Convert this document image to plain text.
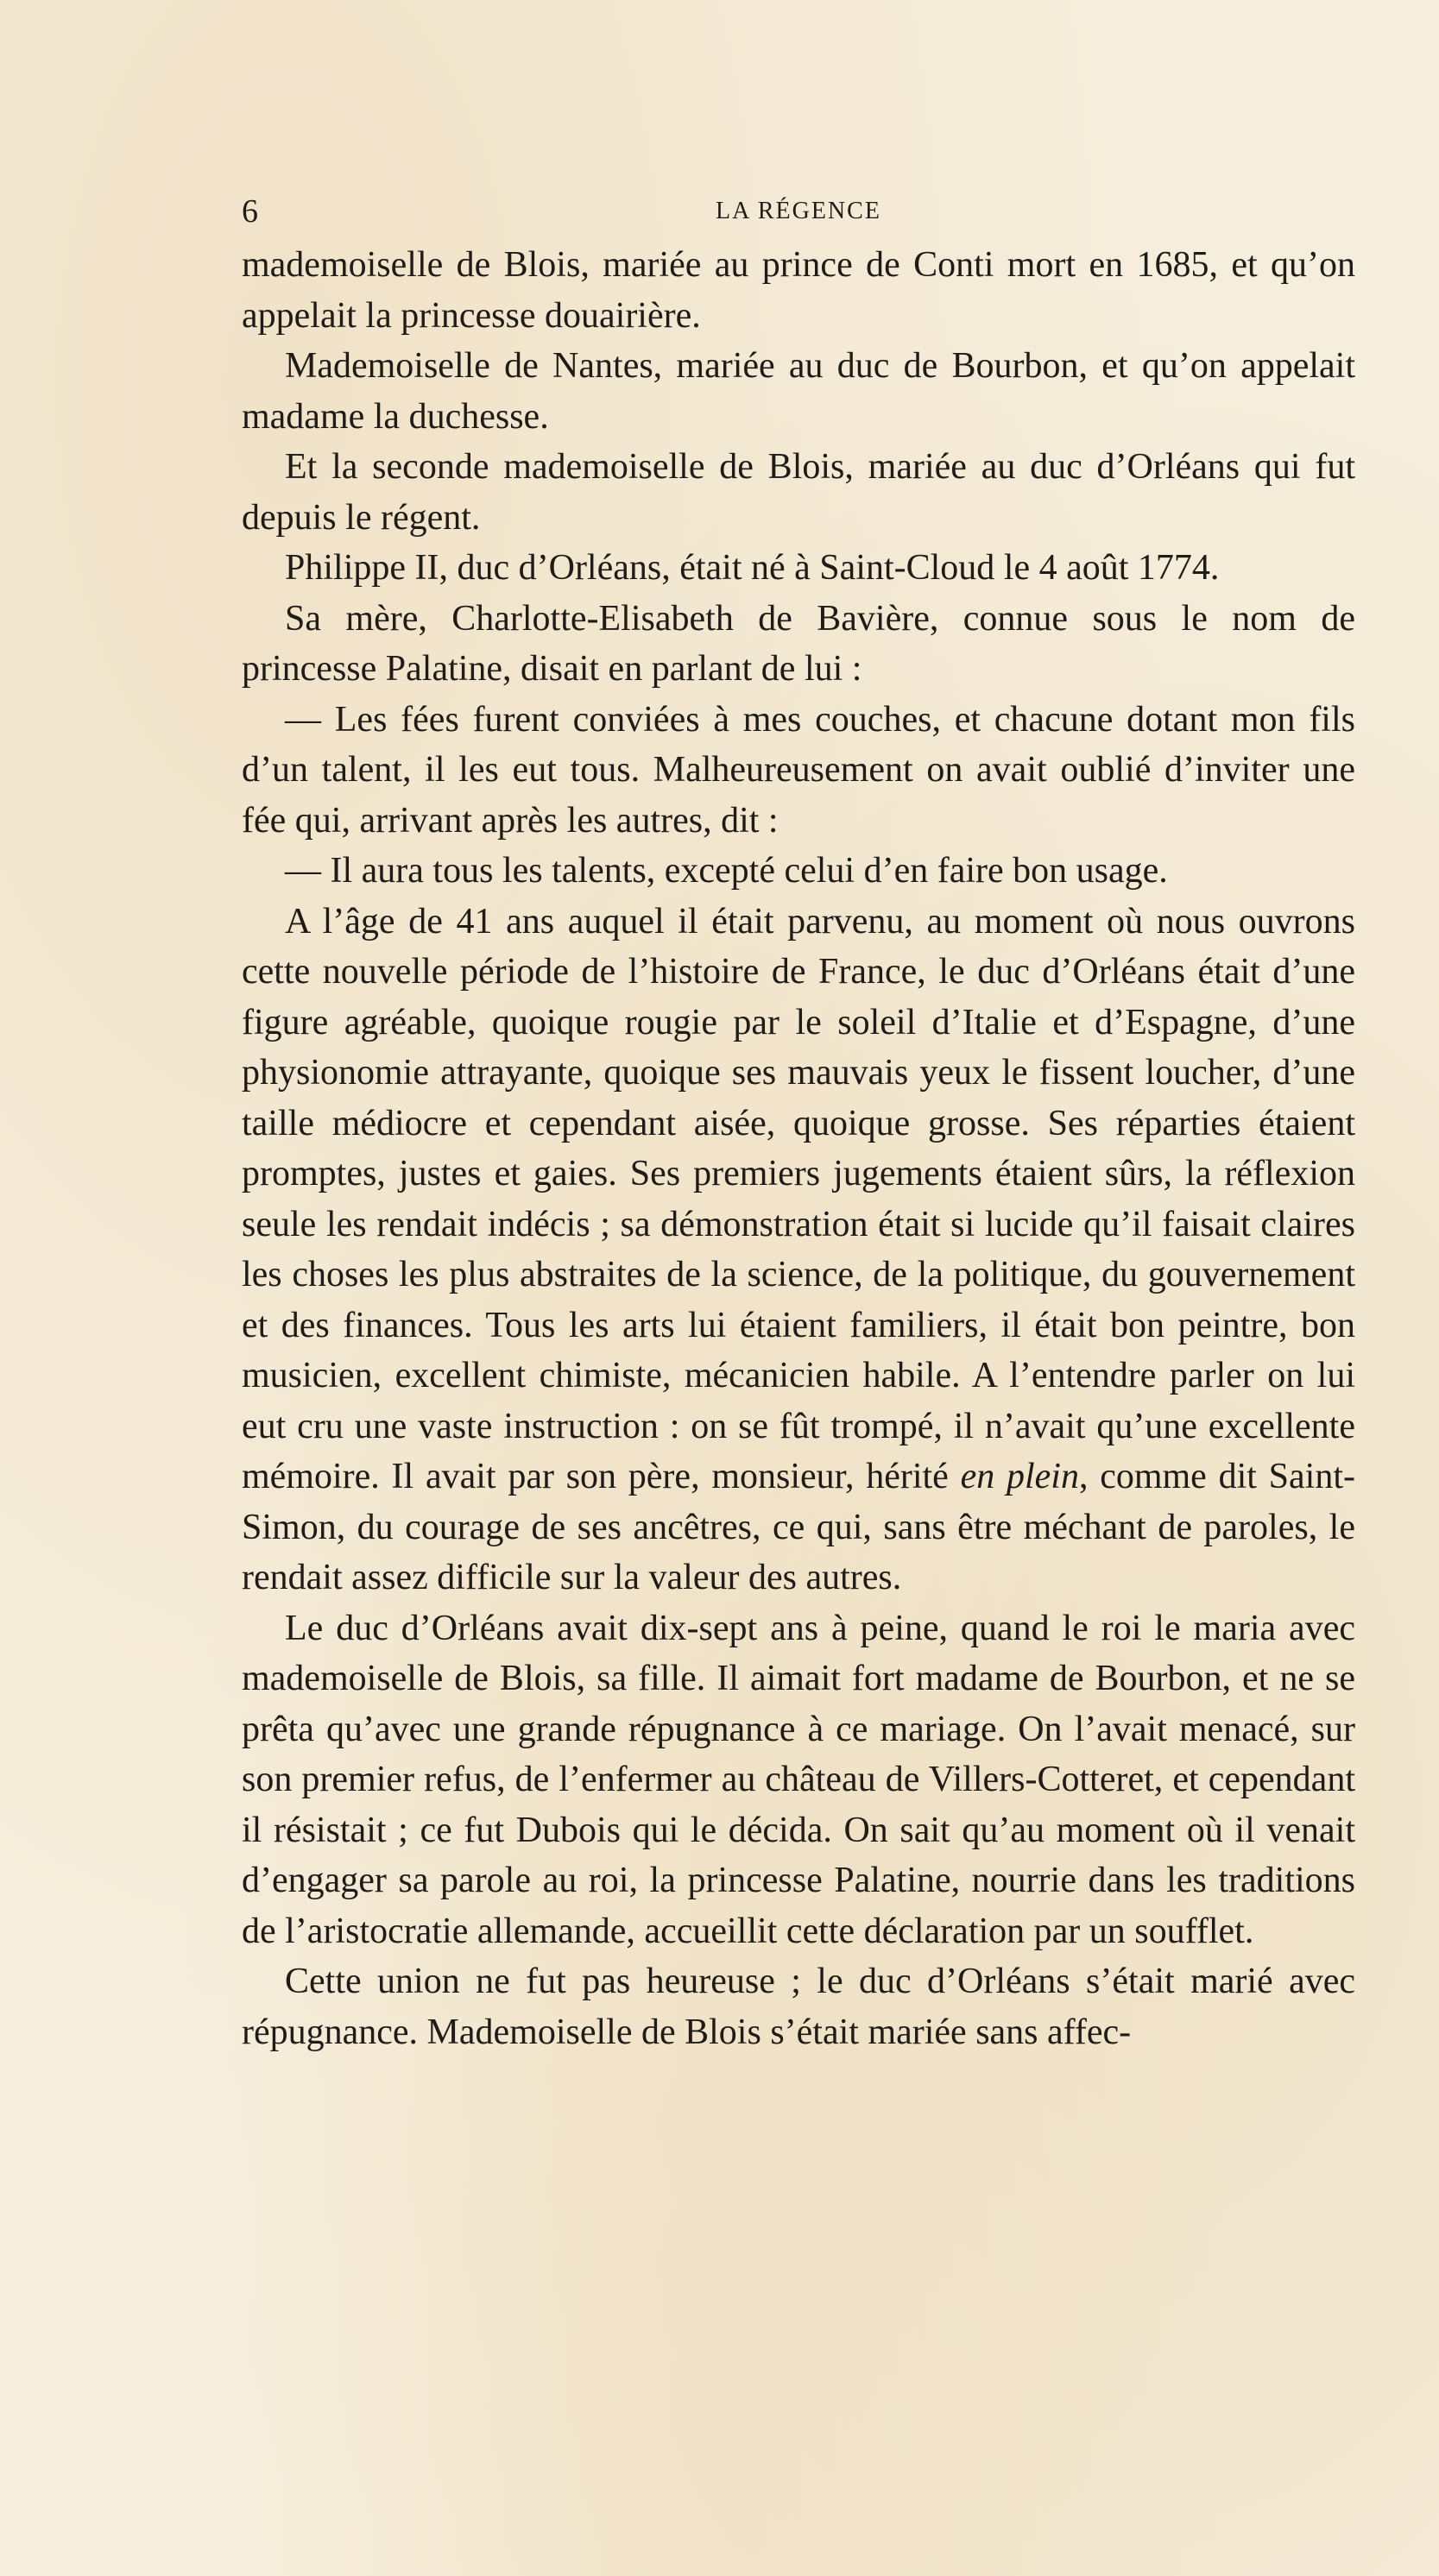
6	LA RÉGENCE

mademoiselle de Blois, mariée au prince de Conti mort en 1685, et qu’on appelait la princesse douairière.

Mademoiselle de Nantes, mariée au duc de Bourbon, et qu’on appelait madame la duchesse.

Et la seconde mademoiselle de Blois, mariée au duc d’Orléans qui fut depuis le régent.

Philippe II, duc d’Orléans, était né à Saint-Cloud le 4 août 1774.

Sa mère, Charlotte-Elisabeth de Bavière, connue sous le nom de princesse Palatine, disait en parlant de lui :

— Les fées furent conviées à mes couches, et chacune dotant mon fils d’un talent, il les eut tous. Malheureusement on avait oublié d’inviter une fée qui, arrivant après les autres, dit :

— Il aura tous les talents, excepté celui d’en faire bon usage.

A l’âge de 41 ans auquel il était parvenu, au moment où nous ouvrons cette nouvelle période de l’histoire de France, le duc d’Orléans était d’une figure agréable, quoique rougie par le soleil d’Italie et d’Espagne, d’une physionomie attrayante, quoique ses mauvais yeux le fissent loucher, d’une taille médiocre et cependant aisée, quoique grosse. Ses réparties étaient promptes, justes et gaies. Ses premiers jugements étaient sûrs, la réflexion seule les rendait indécis ; sa démonstration était si lucide qu’il faisait claires les choses les plus abstraites de la science, de la politique, du gouvernement et des finances. Tous les arts lui étaient familiers, il était bon peintre, bon musicien, excellent chimiste, mécanicien habile. A l’entendre parler on lui eut cru une vaste instruction : on se fût trompé, il n’avait qu’une excellente mémoire. Il avait par son père, monsieur, hérité en plein, comme dit Saint-Simon, du courage de ses ancêtres, ce qui, sans être méchant de paroles, le rendait assez difficile sur la valeur des autres.

Le duc d’Orléans avait dix-sept ans à peine, quand le roi le maria avec mademoiselle de Blois, sa fille. Il aimait fort madame de Bourbon, et ne se prêta qu’avec une grande répugnance à ce mariage. On l’avait menacé, sur son premier refus, de l’enfermer au château de Villers-Cotteret, et cependant il résistait ; ce fut Dubois qui le décida. On sait qu’au moment où il venait d’engager sa parole au roi, la princesse Palatine, nourrie dans les traditions de l’aristocratie allemande, accueillit cette déclaration par un soufflet.

Cette union ne fut pas heureuse ; le duc d’Orléans s’était marié avec répugnance. Mademoiselle de Blois s’était mariée sans affec-
